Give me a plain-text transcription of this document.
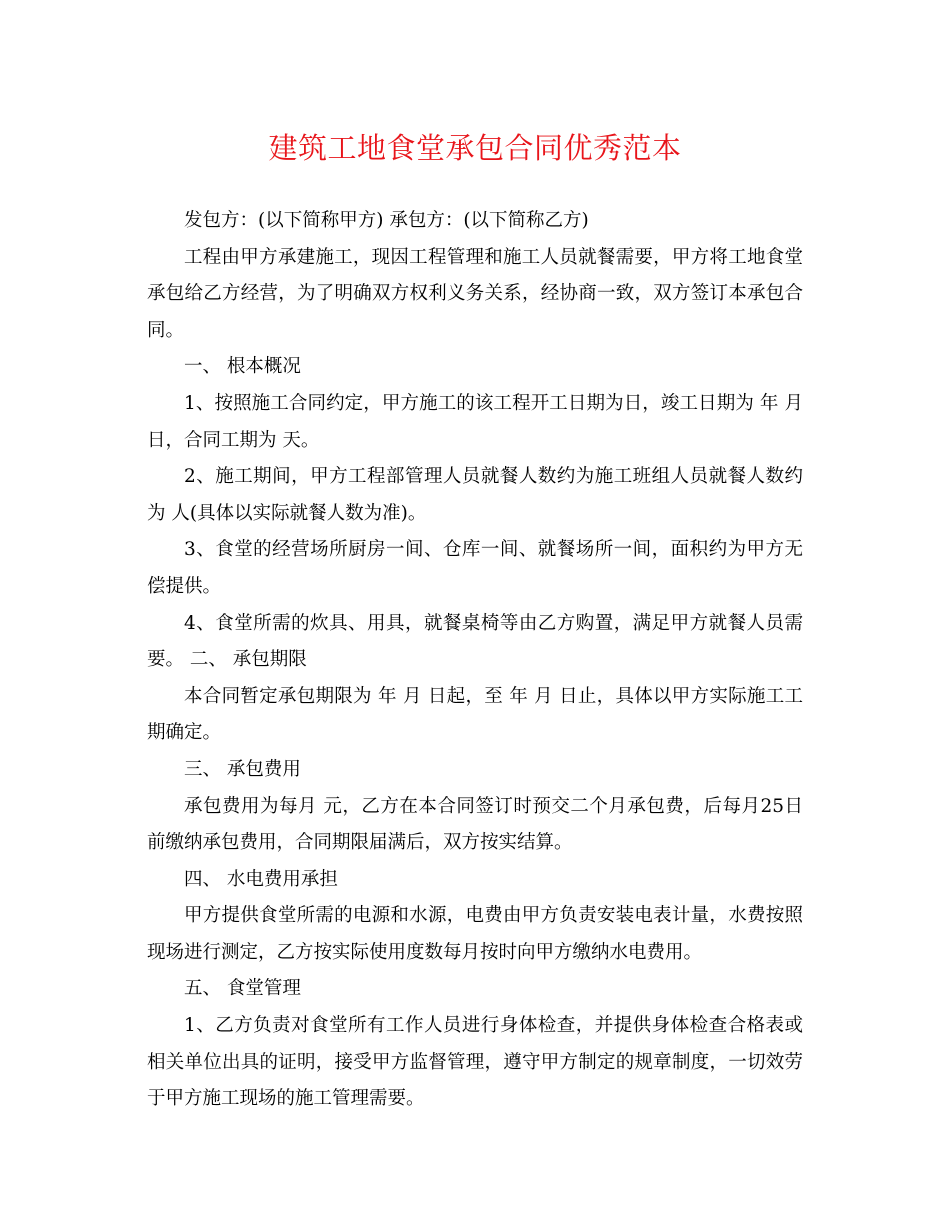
建筑工地食堂承包合同优秀范本

发包方：(以下简称甲方) 承包方：(以下简称乙方)

工程由甲方承建施工，现因工程管理和施工人员就餐需要，甲方将工地食堂承包给乙方经营，为了明确双方权利义务关系，经协商一致，双方签订本承包合同。

一、 根本概况

1、按照施工合同约定，甲方施工的该工程开工日期为日，竣工日期为 年 月日，合同工期为 天。

2、施工期间，甲方工程部管理人员就餐人数约为施工班组人员就餐人数约为 人(具体以实际就餐人数为准)。

3、食堂的经营场所厨房一间、仓库一间、就餐场所一间，面积约为甲方无偿提供。

4、食堂所需的炊具、用具，就餐桌椅等由乙方购置，满足甲方就餐人员需要。 二、 承包期限

本合同暂定承包期限为 年 月 日起，至 年 月 日止，具体以甲方实际施工工期确定。

三、 承包费用

承包费用为每月 元，乙方在本合同签订时预交二个月承包费，后每月25日前缴纳承包费用，合同期限届满后，双方按实结算。

四、 水电费用承担

甲方提供食堂所需的电源和水源，电费由甲方负责安装电表计量，水费按照现场进行测定，乙方按实际使用度数每月按时向甲方缴纳水电费用。

五、 食堂管理

1、乙方负责对食堂所有工作人员进行身体检查，并提供身体检查合格表或相关单位出具的证明，接受甲方监督管理，遵守甲方制定的规章制度，一切效劳于甲方施工现场的施工管理需要。
